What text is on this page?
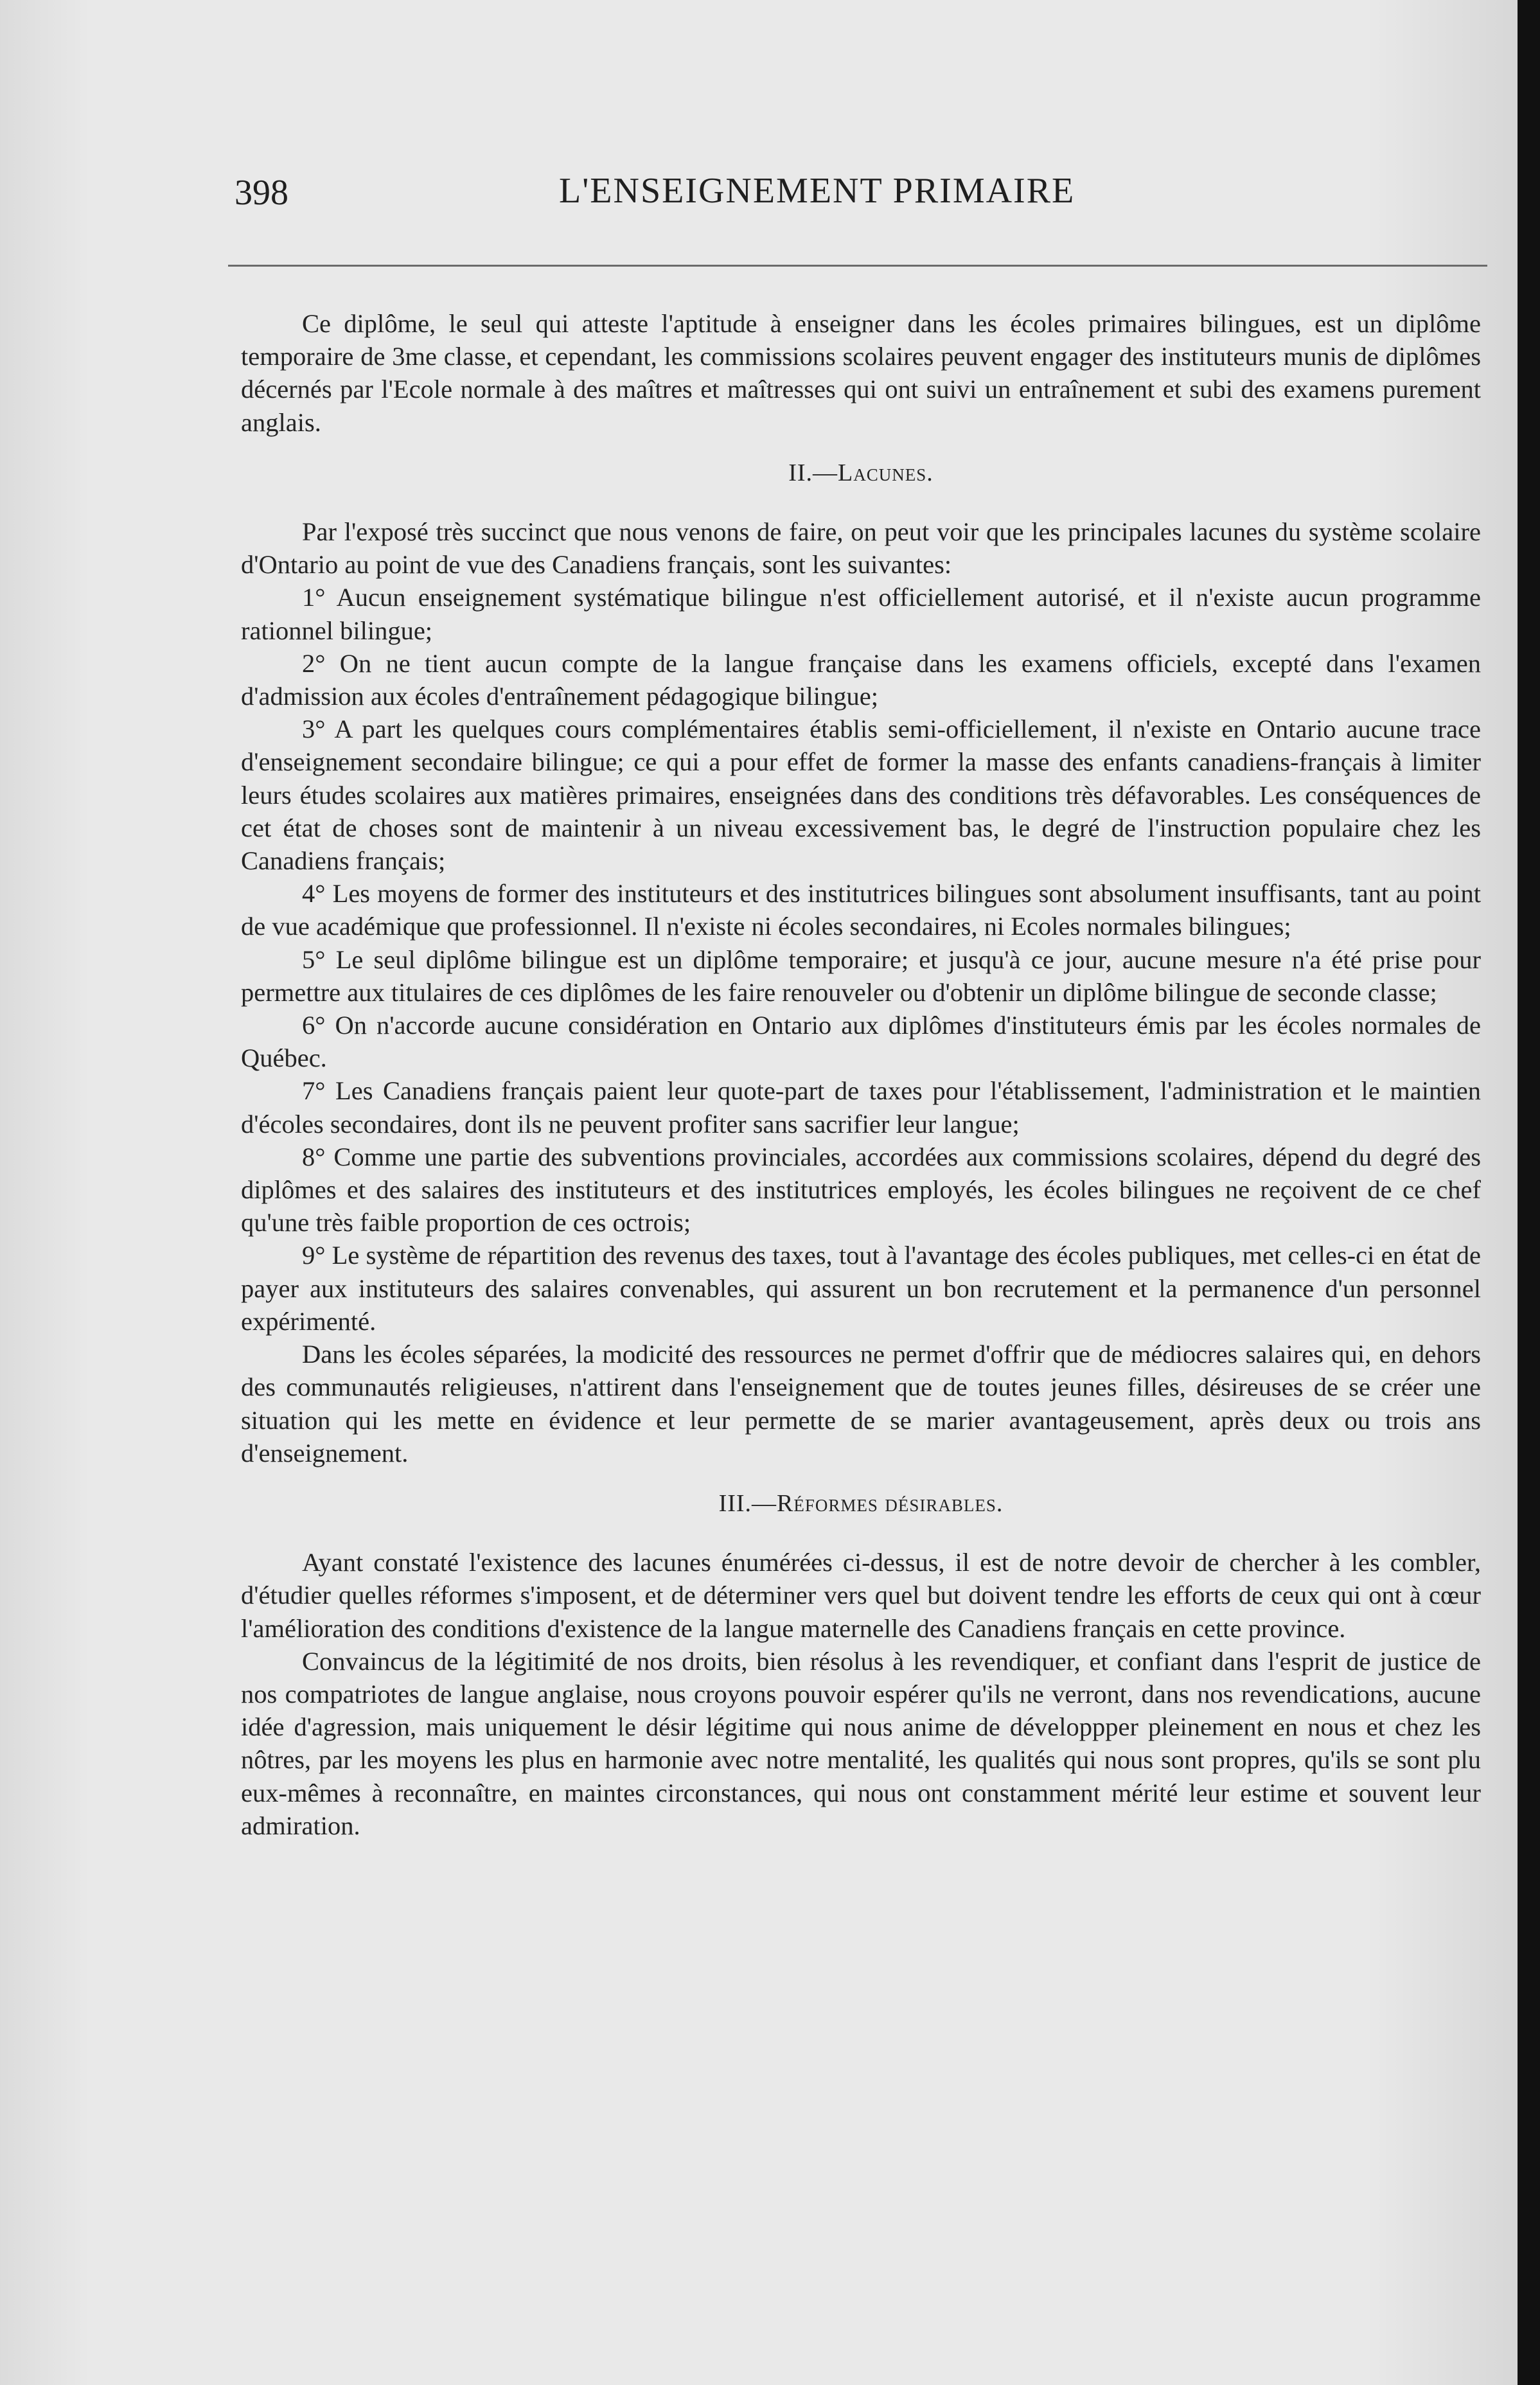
398	L'ENSEIGNEMENT PRIMAIRE

Ce diplôme, le seul qui atteste l'aptitude à enseigner dans les écoles primaires bilingues, est un diplôme temporaire de 3me classe, et cependant, les commissions scolaires peuvent engager des instituteurs munis de diplômes décernés par l'Ecole normale à des maîtres et maîtresses qui ont suivi un entraînement et subi des examens purement anglais.

II.—Lacunes.

Par l'exposé très succinct que nous venons de faire, on peut voir que les principales lacunes du système scolaire d'Ontario au point de vue des Canadiens français, sont les suivantes:

1° Aucun enseignement systématique bilingue n'est officiellement autorisé, et il n'existe aucun programme rationnel bilingue;

2° On ne tient aucun compte de la langue française dans les examens officiels, excepté dans l'examen d'admission aux écoles d'entraînement pédagogique bilingue;

3° A part les quelques cours complémentaires établis semi-officiellement, il n'existe en Ontario aucune trace d'enseignement secondaire bilingue; ce qui a pour effet de former la masse des enfants canadiens-français à limiter leurs études scolaires aux matières primaires, enseignées dans des conditions très défavorables. Les conséquences de cet état de choses sont de maintenir à un niveau excessivement bas, le degré de l'instruction populaire chez les Canadiens français;

4° Les moyens de former des instituteurs et des institutrices bilingues sont absolument insuffisants, tant au point de vue académique que professionnel. Il n'existe ni écoles secondaires, ni Ecoles normales bilingues;

5° Le seul diplôme bilingue est un diplôme temporaire; et jusqu'à ce jour, aucune mesure n'a été prise pour permettre aux titulaires de ces diplômes de les faire renouveler ou d'obtenir un diplôme bilingue de seconde classe;

6° On n'accorde aucune considération en Ontario aux diplômes d'instituteurs émis par les écoles normales de Québec.

7° Les Canadiens français paient leur quote-part de taxes pour l'établissement, l'administration et le maintien d'écoles secondaires, dont ils ne peuvent profiter sans sacrifier leur langue;

8° Comme une partie des subventions provinciales, accordées aux commissions scolaires, dépend du degré des diplômes et des salaires des instituteurs et des institutrices employés, les écoles bilingues ne reçoivent de ce chef qu'une très faible proportion de ces octrois;

9° Le système de répartition des revenus des taxes, tout à l'avantage des écoles publiques, met celles-ci en état de payer aux instituteurs des salaires convenables, qui assurent un bon recrutement et la permanence d'un personnel expérimenté.

Dans les écoles séparées, la modicité des ressources ne permet d'offrir que de médiocres salaires qui, en dehors des communautés religieuses, n'attirent dans l'enseignement que de toutes jeunes filles, désireuses de se créer une situation qui les mette en évidence et leur permette de se marier avantageusement, après deux ou trois ans d'enseignement.

III.—Réformes désirables.

Ayant constaté l'existence des lacunes énumérées ci-dessus, il est de notre devoir de chercher à les combler, d'étudier quelles réformes s'imposent, et de déterminer vers quel but doivent tendre les efforts de ceux qui ont à cœur l'amélioration des conditions d'existence de la langue maternelle des Canadiens français en cette province.

Convaincus de la légitimité de nos droits, bien résolus à les revendiquer, et confiant dans l'esprit de justice de nos compatriotes de langue anglaise, nous croyons pouvoir espérer qu'ils ne verront, dans nos revendications, aucune idée d'agression, mais uniquement le désir légitime qui nous anime de développper pleinement en nous et chez les nôtres, par les moyens les plus en harmonie avec notre mentalité, les qualités qui nous sont propres, qu'ils se sont plu eux-mêmes à reconnaître, en maintes circonstances, qui nous ont constamment mérité leur estime et souvent leur admiration.
